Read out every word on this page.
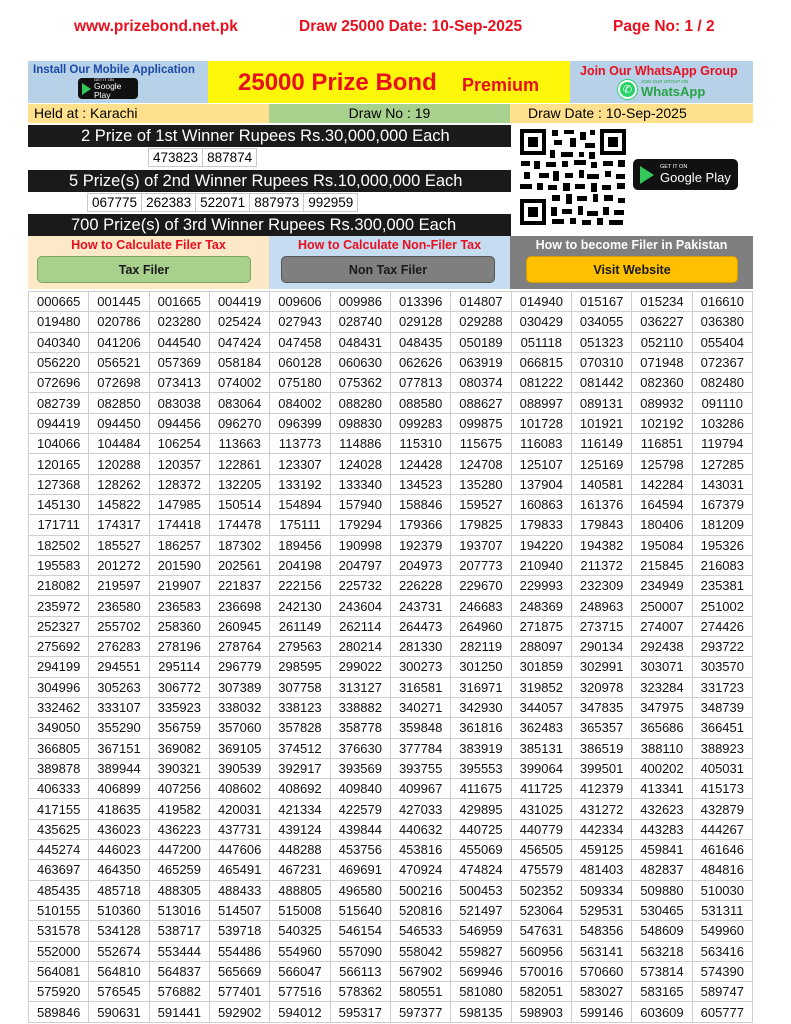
www.prizebond.net.pk	Draw 25000 Date: 10-Sep-2025	Page No: 1 / 2
Install Our Mobile Application
GET IT ON
Google Play	25000 Prize Bond Premium
Join Our WhatsApp Group
✆
JOIN OUR GROUP ON
WhatsApp
Held at : Karachi	Draw No : 19	Draw Date : 10-Sep-2025
2 Prize of 1st Winner Rupees Rs.30,000,000 Each
473823 887874
5 Prize(s) of 2nd Winner Rupees Rs.10,000,000 Each
067775 262383 522071 887973 992959
700 Prize(s) of 3rd Winner Rupees Rs.300,000 Each
GET IT ON
Google Play
How to Calculate Filer Tax
Tax Filer
How to Calculate Non-Filer Tax
Non Tax Filer
How to become Filer in Pakistan
Visit Website
000665	001445	001665	004419	009606	009986	013396	014807	014940	015167	015234	016610
019480	020786	023280	025424	027943	028740	029128	029288	030429	034055	036227	036380
040340	041206	044540	047424	047458	048431	048435	050189	051118	051323	052110	055404
056220	056521	057369	058184	060128	060630	062626	063919	066815	070310	071948	072367
072696	072698	073413	074002	075180	075362	077813	080374	081222	081442	082360	082480
082739	082850	083038	083064	084002	088280	088580	088627	088997	089131	089932	091110
094419	094450	094456	096270	096399	098830	099283	099875	101728	101921	102192	103286
104066	104484	106254	113663	113773	114886	115310	115675	116083	116149	116851	119794
120165	120288	120357	122861	123307	124028	124428	124708	125107	125169	125798	127285
127368	128262	128372	132205	133192	133340	134523	135280	137904	140581	142284	143031
145130	145822	147985	150514	154894	157940	158846	159527	160863	161376	164594	167379
171711	174317	174418	174478	175111	179294	179366	179825	179833	179843	180406	181209
182502	185527	186257	187302	189456	190998	192379	193707	194220	194382	195084	195326
195583	201272	201590	202561	204198	204797	204973	207773	210940	211372	215845	216083
218082	219597	219907	221837	222156	225732	226228	229670	229993	232309	234949	235381
235972	236580	236583	236698	242130	243604	243731	246683	248369	248963	250007	251002
252327	255702	258360	260945	261149	262114	264473	264960	271875	273715	274007	274426
275692	276283	278196	278764	279563	280214	281330	282119	288097	290134	292438	293722
294199	294551	295114	296779	298595	299022	300273	301250	301859	302991	303071	303570
304996	305263	306772	307389	307758	313127	316581	316971	319852	320978	323284	331723
332462	333107	335923	338032	338123	338882	340271	342930	344057	347835	347975	348739
349050	355290	356759	357060	357828	358778	359848	361816	362483	365357	365686	366451
366805	367151	369082	369105	374512	376630	377784	383919	385131	386519	388110	388923
389878	389944	390321	390539	392917	393569	393755	395553	399064	399501	400202	405031
406333	406899	407256	408602	408692	409840	409967	411675	411725	412379	413341	415173
417155	418635	419582	420031	421334	422579	427033	429895	431025	431272	432623	432879
435625	436023	436223	437731	439124	439844	440632	440725	440779	442334	443283	444267
445274	446023	447200	447606	448288	453756	453816	455069	456505	459125	459841	461646
463697	464350	465259	465491	467231	469691	470924	474824	475579	481403	482837	484816
485435	485718	488305	488433	488805	496580	500216	500453	502352	509334	509880	510030
510155	510360	513016	514507	515008	515640	520816	521497	523064	529531	530465	531311
531578	534128	538717	539718	540325	546154	546533	546959	547631	548356	548609	549960
552000	552674	553444	554486	554960	557090	558042	559827	560956	563141	563218	563416
564081	564810	564837	565669	566047	566113	567902	569946	570016	570660	573814	574390
575920	576545	576882	577401	577516	578362	580551	581080	582051	583027	583165	589747
589846	590631	591441	592902	594012	595317	597377	598135	598903	599146	603609	605777
